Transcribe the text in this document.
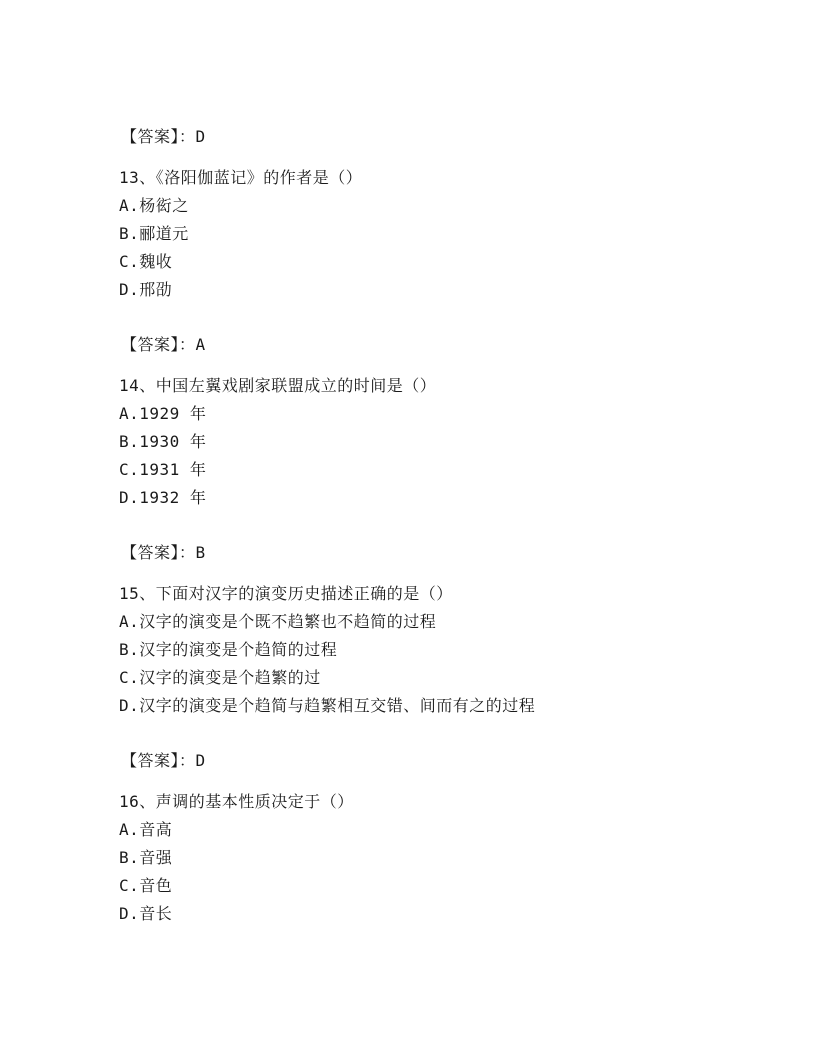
【答案】：D
13、《洛阳伽蓝记》的作者是（）
A.杨衒之
B.郦道元
C.魏收
D.邢劭
【答案】：A
14、中国左翼戏剧家联盟成立的时间是（）
A.1929 年
B.1930 年
C.1931 年
D.1932 年
【答案】：B
15、下面对汉字的演变历史描述正确的是（）
A.汉字的演变是个既不趋繁也不趋简的过程
B.汉字的演变是个趋简的过程
C.汉字的演变是个趋繁的过
D.汉字的演变是个趋简与趋繁相互交错、间而有之的过程
【答案】：D
16、声调的基本性质决定于（）
A.音高
B.音强
C.音色
D.音长
